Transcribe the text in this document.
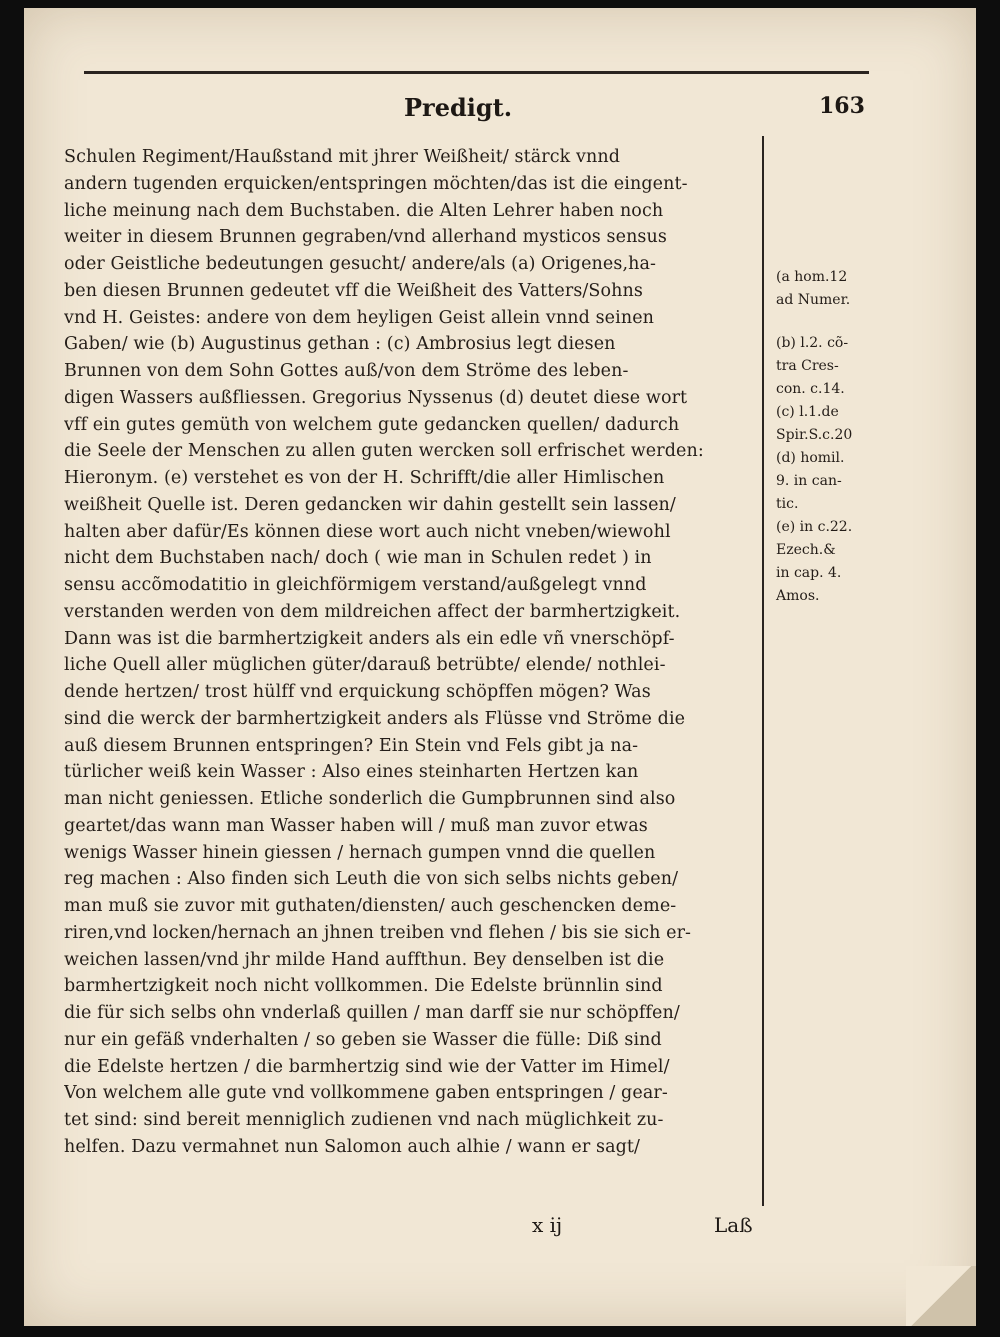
Predigt.	163
Schulen Regiment/Haußstand mit jhrer Weißheit/ stärck vnnd
andern tugenden erquicken/entspringen möchten/das ist die eingent-
liche meinung nach dem Buchstaben. die Alten Lehrer haben noch
weiter in diesem Brunnen gegraben/vnd allerhand mysticos sensus
oder Geistliche bedeutungen gesucht/ andere/als (a) Origenes,ha-
ben diesen Brunnen gedeutet vff die Weißheit des Vatters/Sohns
vnd H. Geistes: andere von dem heyligen Geist allein vnnd seinen
Gaben/ wie (b) Augustinus gethan : (c) Ambrosius legt diesen
Brunnen von dem Sohn Gottes auß/von dem Ströme des leben-
digen Wassers außfliessen. Gregorius Nyssenus (d) deutet diese wort
vff ein gutes gemüth von welchem gute gedancken quellen/ dadurch
die Seele der Menschen zu allen guten wercken soll erfrischet werden:
Hieronym. (e) verstehet es von der H. Schrifft/die aller Himlischen
weißheit Quelle ist. Deren gedancken wir dahin gestellt sein lassen/
halten aber dafür/Es können diese wort auch nicht vneben/wiewohl
nicht dem Buchstaben nach/ doch ( wie man in Schulen redet ) in
sensu accõmodatitio in gleichförmigem verstand/außgelegt vnnd
verstanden werden von dem mildreichen affect der barmhertzigkeit.
Dann was ist die barmhertzigkeit anders als ein edle vñ vnerschöpf-
liche Quell aller müglichen güter/darauß betrübte/ elende/ nothlei-
dende hertzen/ trost hülff vnd erquickung schöpffen mögen? Was
sind die werck der barmhertzigkeit anders als Flüsse vnd Ströme die
auß diesem Brunnen entspringen? Ein Stein vnd Fels gibt ja na-
türlicher weiß kein Wasser : Also eines steinharten Hertzen kan
man nicht geniessen. Etliche sonderlich die Gumpbrunnen sind also
geartet/das wann man Wasser haben will / muß man zuvor etwas
wenigs Wasser hinein giessen / hernach gumpen vnnd die quellen
reg machen : Also finden sich Leuth die von sich selbs nichts geben/
man muß sie zuvor mit guthaten/diensten/ auch geschencken deme-
riren,vnd locken/hernach an jhnen treiben vnd flehen / bis sie sich er-
weichen lassen/vnd jhr milde Hand auffthun. Bey denselben ist die
barmhertzigkeit noch nicht vollkommen. Die Edelste brünnlin sind
die für sich selbs ohn vnderlaß quillen / man darff sie nur schöpffen/
nur ein gefäß vnderhalten / so geben sie Wasser die fülle: Diß sind
die Edelste hertzen / die barmhertzig sind wie der Vatter im Himel/
Von welchem alle gute vnd vollkommene gaben entspringen / gear-
tet sind: sind bereit menniglich zudienen vnd nach müglichkeit zu-
helfen. Dazu vermahnet nun Salomon auch alhie / wann er sagt/
(a hom.12
ad Numer.
(b) l.2. cõ-
tra Cres-
con. c.14.
(c) l.1.de
Spir.S.c.20
(d) homil.
9. in can-
tic.
(e) in c.22.
Ezech.&
in cap. 4.
Amos.
x ij	Laß
